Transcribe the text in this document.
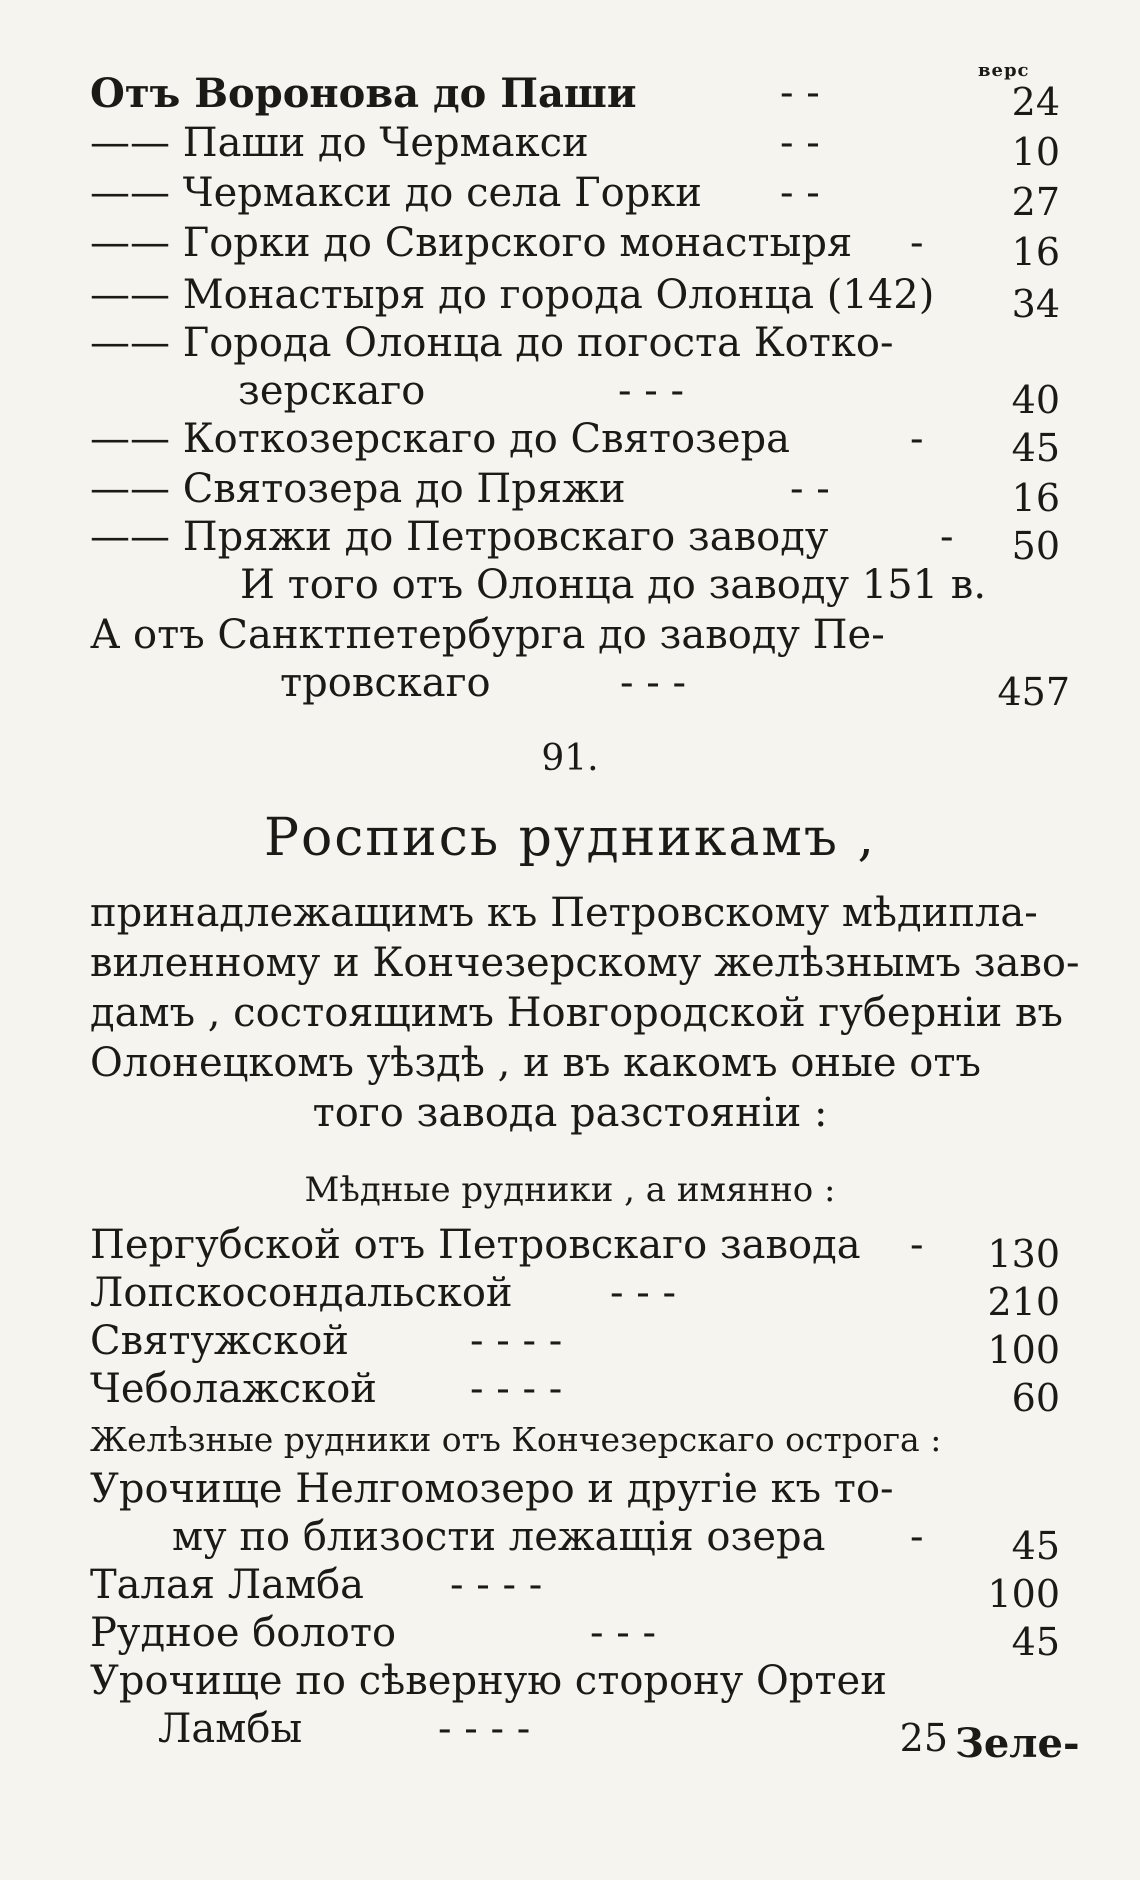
верс
Отъ Воронова до Паши	- -	24
—— Паши до Чермакси	- -	10
—— Чермакси до села Горки - -	27
—— Горки до Свирского монастыря -	16
—— Монастыря до города Олонца (142)	34
—— Города Олонца до погоста Котко-
зерскаго	- - -	40
—— Коткозерскаго до Святозера	-	45
—— Святозера до Пряжи	- -	16
—— Пряжи до Петровскаго заводу	-	50
И того отъ Олонца до заводу 151 в.
А отъ Санктпетербурга до заводу Пе-
тровскаго	- - -	457
91.
Роспись рудникамъ ,
принадлежащимъ къ Петровскому мѣдипла-
виленному и Кончезерскому желѣзнымъ заво-
дамъ , состоящимъ Новгородской губерніи въ
Олонецкомъ уѣздѣ , и въ какомъ оные отъ
того завода разстояніи :
Мѣдные рудники , а имянно :
Пергубской отъ Петровскаго завода -	130
Лопскосондальской - - -	210
Святужской	- - - -	100
Чеболажской - - - -	60
Желѣзные рудники отъ Кончезерскаго острога :
Урочище Нелгомозеро и другіе къ то-
му по близости лежащія озера -	45
Талая Ламба - - - -	100
Рудное болото	- - -	45
Урочище по сѣверную сторону Ортеи
Ламбы	- - - -	25 Зеле-
